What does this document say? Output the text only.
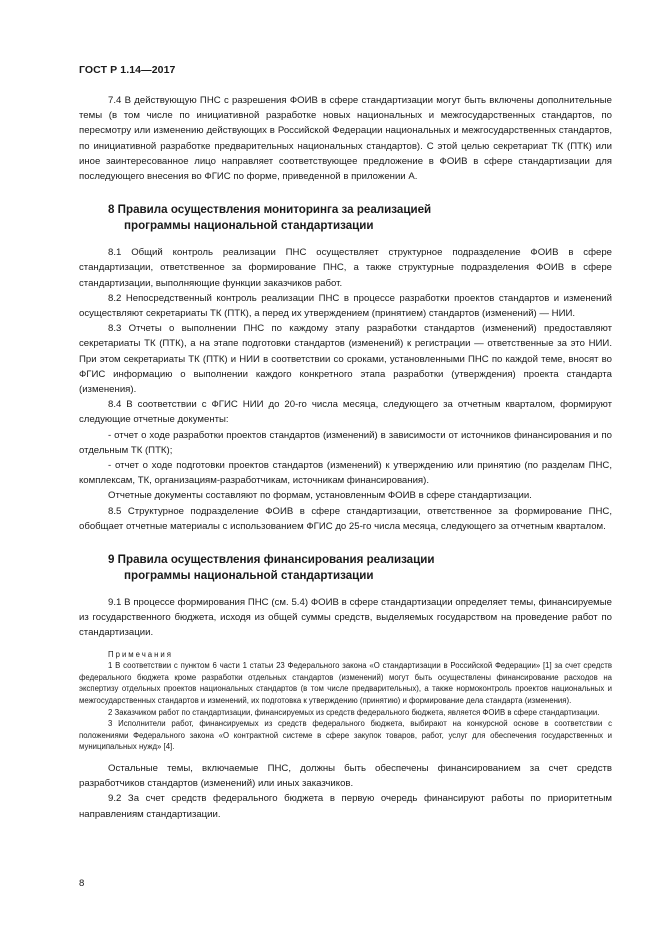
ГОСТ Р 1.14—2017

7.4 В действующую ПНС с разрешения ФОИВ в сфере стандартизации могут быть включены дополнительные темы (в том числе по инициативной разработке новых национальных и межгосударственных стандартов, по пересмотру или изменению действующих в Российской Федерации национальных и межгосударственных стандартов, по инициативной разработке предварительных национальных стандартов). С этой целью секретариат ТК (ПТК) или иное заинтересованное лицо направляет соответствующее предложение в ФОИВ в сфере стандартизации для последующего внесения во ФГИС по форме, приведенной в приложении А.

8 Правила осуществления мониторинга за реализацией

программы национальной стандартизации

8.1 Общий контроль реализации ПНС осуществляет структурное подразделение ФОИВ в сфере стандартизации, ответственное за формирование ПНС, а также структурные подразделения ФОИВ в сфере стандартизации, выполняющие функции заказчиков работ.

8.2 Непосредственный контроль реализации ПНС в процессе разработки проектов стандартов и изменений осуществляют секретариаты ТК (ПТК), а перед их утверждением (принятием) стандартов (изменений) — НИИ.

8.3 Отчеты о выполнении ПНС по каждому этапу разработки стандартов (изменений) предоставляют секретариаты ТК (ПТК), а на этапе подготовки стандартов (изменений) к регистрации — ответственные за это НИИ. При этом секретариаты ТК (ПТК) и НИИ в соответствии со сроками, установленными ПНС по каждой теме, вносят во ФГИС информацию о выполнении каждого конкретного этапа разработки (утверждения) проекта стандарта (изменения).

8.4 В соответствии с ФГИС НИИ до 20-го числа месяца, следующего за отчетным кварталом, формируют следующие отчетные документы:

- отчет о ходе разработки проектов стандартов (изменений) в зависимости от источников финансирования и по отдельным ТК (ПТК);

- отчет о ходе подготовки проектов стандартов (изменений) к утверждению или принятию (по разделам ПНС, комплексам, ТК, организациям-разработчикам, источникам финансирования).

Отчетные документы составляют по формам, установленным ФОИВ в сфере стандартизации.

8.5 Структурное подразделение ФОИВ в сфере стандартизации, ответственное за формирование ПНС, обобщает отчетные материалы с использованием ФГИС до 25-го числа месяца, следующего за отчетным кварталом.

9 Правила осуществления финансирования реализации

программы национальной стандартизации

9.1 В процессе формирования ПНС (см. 5.4) ФОИВ в сфере стандартизации определяет темы, финансируемые из государственного бюджета, исходя из общей суммы средств, выделяемых государством на проведение работ по стандартизации.

Примечания

1 В соответствии с пунктом 6 части 1 статьи 23 Федерального закона «О стандартизации в Российской Федерации» [1] за счет средств федерального бюджета кроме разработки отдельных стандартов (изменений) могут быть осуществлены финансирование расходов на экспертизу отдельных проектов национальных стандартов (в том числе предварительных), а также нормоконтроль проектов национальных и межгосударственных стандартов и изменений, их подготовка к утверждению (принятию) и формирование дела стандарта (изменения).

2 Заказчиком работ по стандартизации, финансируемых из средств федерального бюджета, является ФОИВ в сфере стандартизации.

3 Исполнители работ, финансируемых из средств федерального бюджета, выбирают на конкурсной основе в соответствии с положениями Федерального закона «О контрактной системе в сфере закупок товаров, работ, услуг для обеспечения государственных и муниципальных нужд» [4].

Остальные темы, включаемые ПНС, должны быть обеспечены финансированием за счет средств разработчиков стандартов (изменений) или иных заказчиков.

9.2 За счет средств федерального бюджета в первую очередь финансируют работы по приоритетным направлениям стандартизации.

8
